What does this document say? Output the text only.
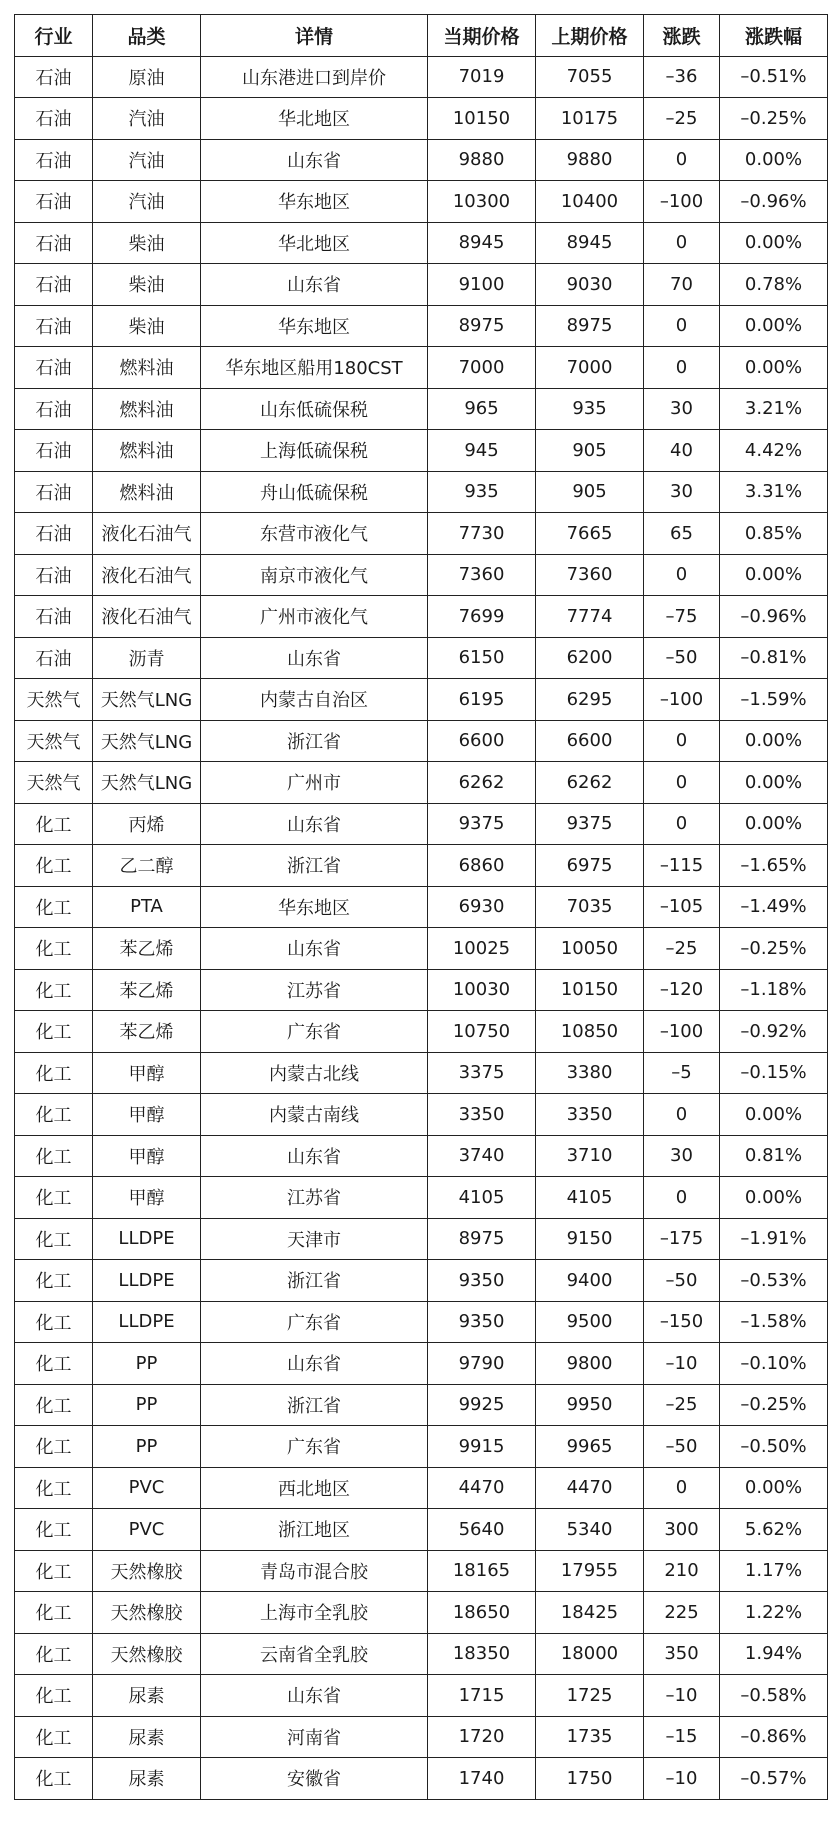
行业	品类	详情	当期价格	上期价格	涨跌	涨跌幅
石油	原油	山东港进口到岸价	7019	7055	–36	–0.51%
石油	汽油	华北地区	10150	10175	–25	–0.25%
石油	汽油	山东省	9880	9880	0	0.00%
石油	汽油	华东地区	10300	10400	–100	–0.96%
石油	柴油	华北地区	8945	8945	0	0.00%
石油	柴油	山东省	9100	9030	70	0.78%
石油	柴油	华东地区	8975	8975	0	0.00%
石油	燃料油	华东地区船用180CST	7000	7000	0	0.00%
石油	燃料油	山东低硫保税	965	935	30	3.21%
石油	燃料油	上海低硫保税	945	905	40	4.42%
石油	燃料油	舟山低硫保税	935	905	30	3.31%
石油	液化石油气	东营市液化气	7730	7665	65	0.85%
石油	液化石油气	南京市液化气	7360	7360	0	0.00%
石油	液化石油气	广州市液化气	7699	7774	–75	–0.96%
石油	沥青	山东省	6150	6200	–50	–0.81%
天然气	天然气LNG	内蒙古自治区	6195	6295	–100	–1.59%
天然气	天然气LNG	浙江省	6600	6600	0	0.00%
天然气	天然气LNG	广州市	6262	6262	0	0.00%
化工	丙烯	山东省	9375	9375	0	0.00%
化工	乙二醇	浙江省	6860	6975	–115	–1.65%
化工	PTA	华东地区	6930	7035	–105	–1.49%
化工	苯乙烯	山东省	10025	10050	–25	–0.25%
化工	苯乙烯	江苏省	10030	10150	–120	–1.18%
化工	苯乙烯	广东省	10750	10850	–100	–0.92%
化工	甲醇	内蒙古北线	3375	3380	–5	–0.15%
化工	甲醇	内蒙古南线	3350	3350	0	0.00%
化工	甲醇	山东省	3740	3710	30	0.81%
化工	甲醇	江苏省	4105	4105	0	0.00%
化工	LLDPE	天津市	8975	9150	–175	–1.91%
化工	LLDPE	浙江省	9350	9400	–50	–0.53%
化工	LLDPE	广东省	9350	9500	–150	–1.58%
化工	PP	山东省	9790	9800	–10	–0.10%
化工	PP	浙江省	9925	9950	–25	–0.25%
化工	PP	广东省	9915	9965	–50	–0.50%
化工	PVC	西北地区	4470	4470	0	0.00%
化工	PVC	浙江地区	5640	5340	300	5.62%
化工	天然橡胶	青岛市混合胶	18165	17955	210	1.17%
化工	天然橡胶	上海市全乳胶	18650	18425	225	1.22%
化工	天然橡胶	云南省全乳胶	18350	18000	350	1.94%
化工	尿素	山东省	1715	1725	–10	–0.58%
化工	尿素	河南省	1720	1735	–15	–0.86%
化工	尿素	安徽省	1740	1750	–10	–0.57%
